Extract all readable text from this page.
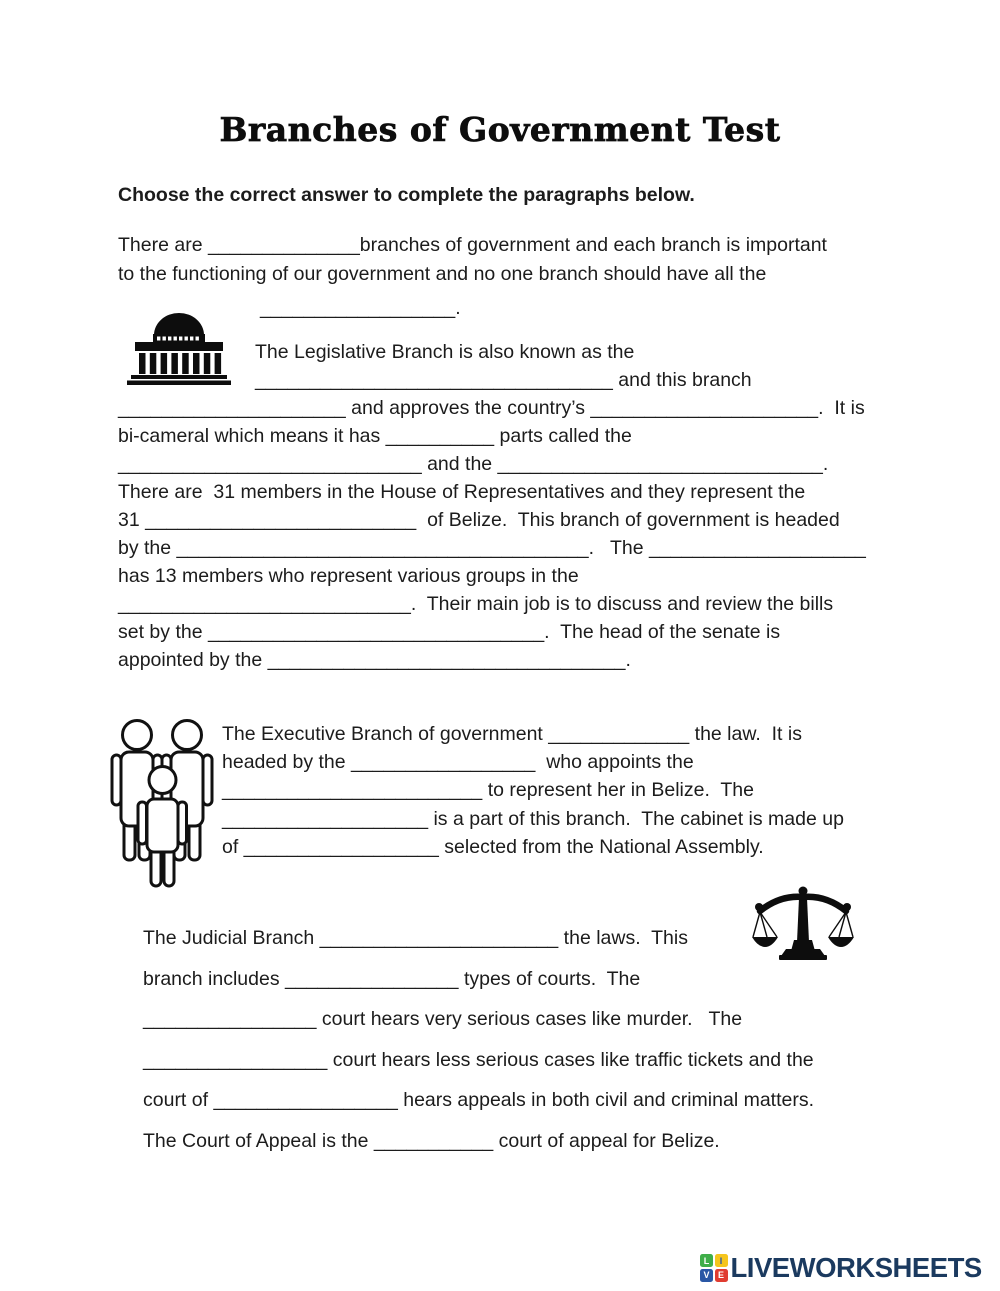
Branches of Government Test
Choose the correct answer to complete the paragraphs below.
There are ______________branches of government and each branch is important
to the functioning of our government and no one branch should have all the
__________________.
The Legislative Branch is also known as the
_________________________________ and this branch
_____________________ and approves the country’s _____________________.  It is
bi-cameral which means it has __________ parts called the
____________________________ and the ______________________________.
There are  31 members in the House of Representatives and they represent the
31 _________________________  of Belize.  This branch of government is headed
by the ______________________________________.   The ____________________
has 13 members who represent various groups in the
___________________________.  Their main job is to discuss and review the bills
set by the _______________________________.  The head of the senate is
appointed by the _________________________________.
The Executive Branch of government _____________ the law.  It is
headed by the _________________  who appoints the
________________________ to represent her in Belize.  The
___________________ is a part of this branch.  The cabinet is made up
of __________________ selected from the National Assembly.
The Judicial Branch ______________________ the laws.  This
branch includes ________________ types of courts.  The
________________ court hears very serious cases like murder.   The
_________________ court hears less serious cases like traffic tickets and the
court of _________________ hears appeals in both civil and criminal matters.
The Court of Appeal is the ___________ court of appeal for Belize.
L	I
V E LIVEWORKSHEETS
